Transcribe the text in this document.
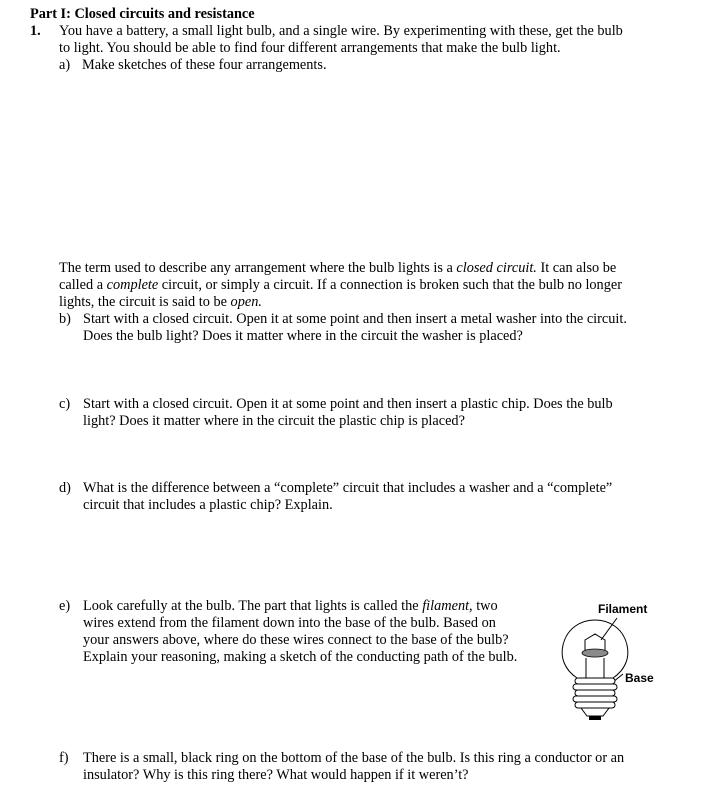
Part I: Closed circuits and resistance
1. You have a battery, a small light bulb, and a single wire. By experimenting with these, get the bulb
to light. You should be able to find four different arrangements that make the bulb light.
a) Make sketches of these four arrangements.
The term used to describe any arrangement where the bulb lights is a closed circuit. It can also be
called a complete circuit, or simply a circuit. If a connection is broken such that the bulb no longer
lights, the circuit is said to be open.
b) Start with a closed circuit. Open it at some point and then insert a metal washer into the circuit.
Does the bulb light? Does it matter where in the circuit the washer is placed?
c) Start with a closed circuit. Open it at some point and then insert a plastic chip. Does the bulb
light? Does it matter where in the circuit the plastic chip is placed?
d) What is the difference between a “complete” circuit that includes a washer and a “complete”
circuit that includes a plastic chip? Explain.
e) Look carefully at the bulb. The part that lights is called the filament, two
wires extend from the filament down into the base of the bulb. Based on
your answers above, where do these wires connect to the base of the bulb?
Explain your reasoning, making a sketch of the conducting path of the bulb.
Filament
Base
f) There is a small, black ring on the bottom of the base of the bulb. Is this ring a conductor or an
insulator? Why is this ring there? What would happen if it weren’t?
